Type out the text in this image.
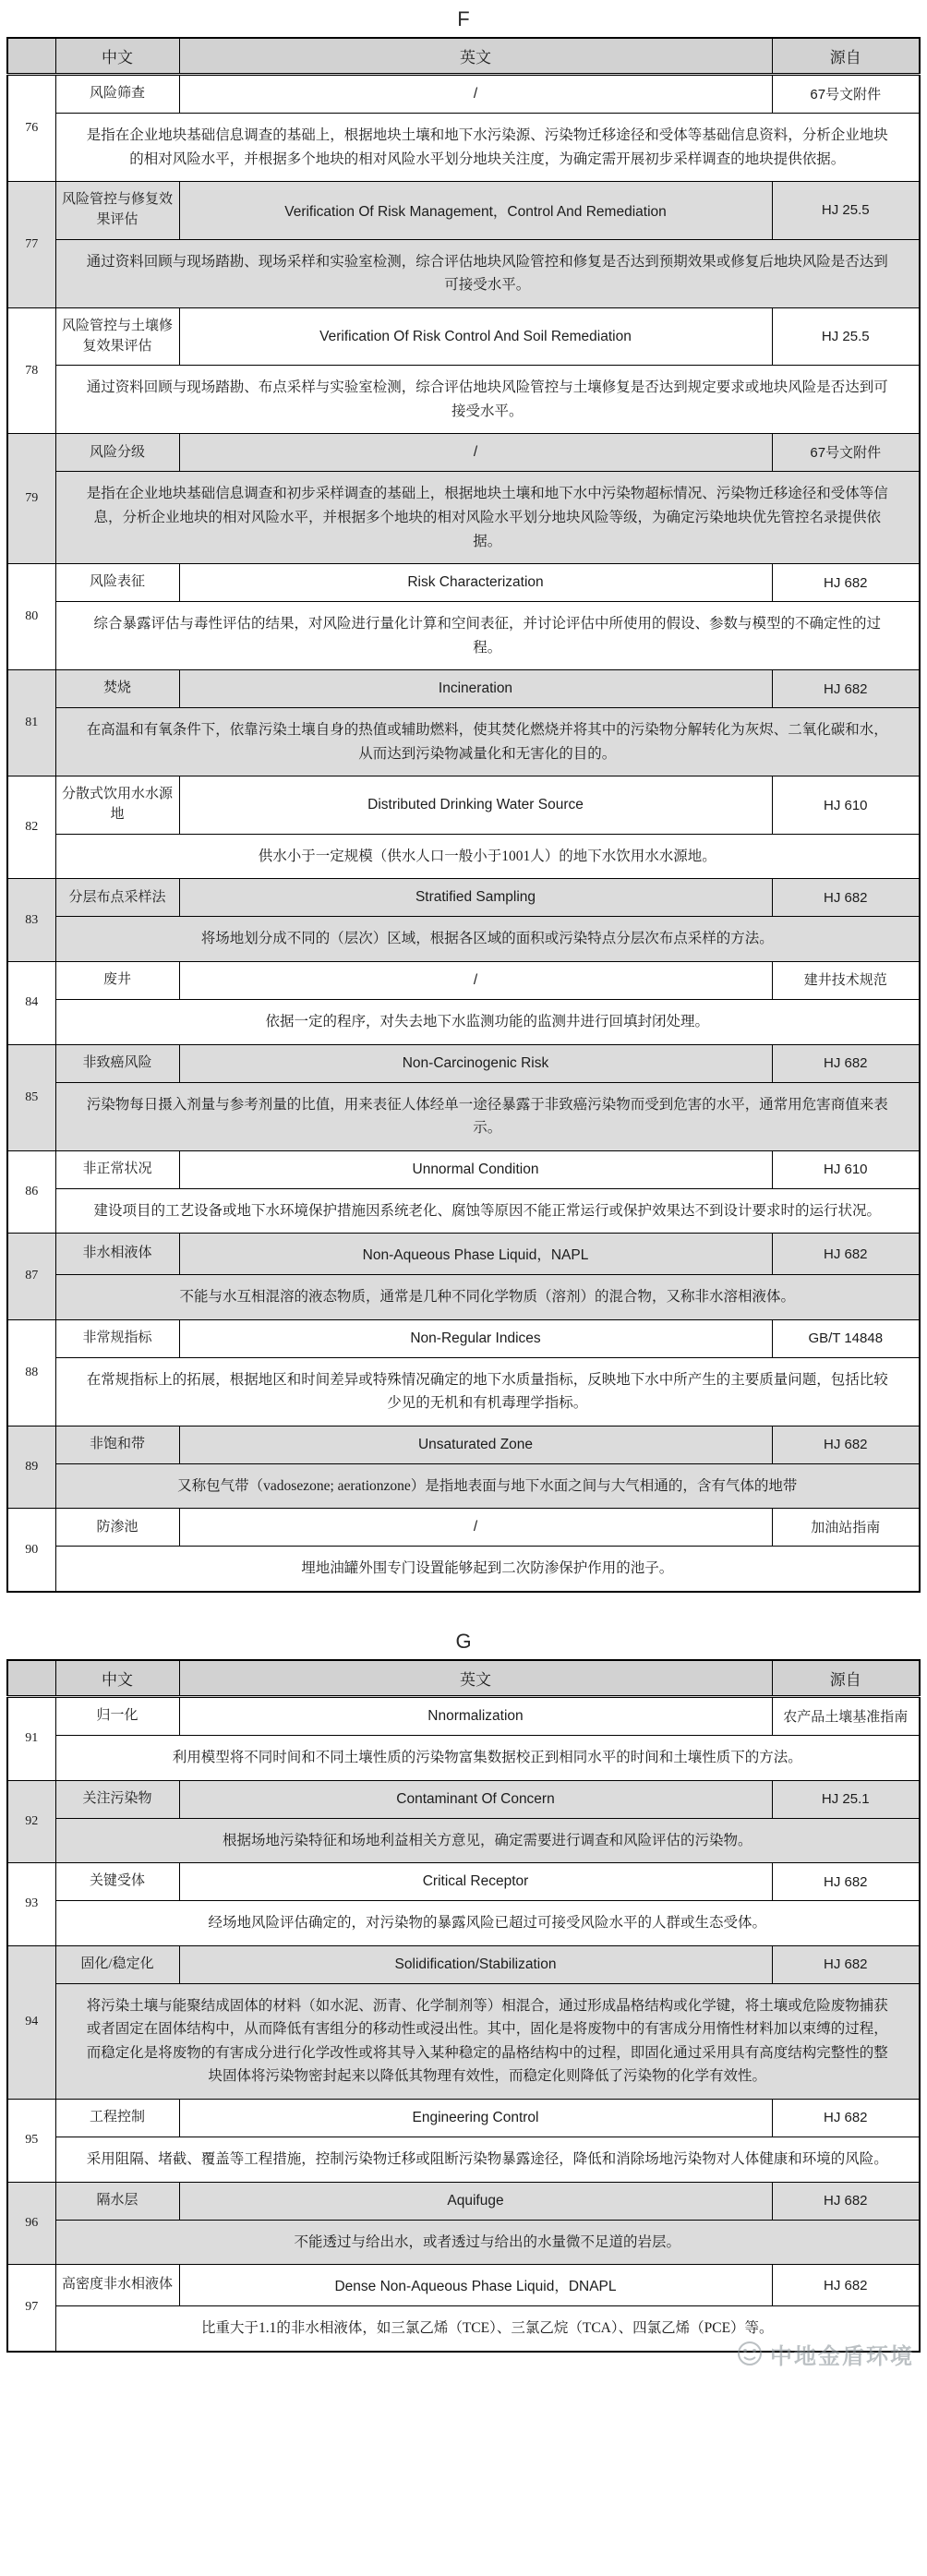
F
	中文	英文	源自
76	风险筛查	/	67号文附件
	是指在企业地块基础信息调查的基础上，根据地块土壤和地下水污染源、污染物迁移途径和受体等基础信息资料，分析企业地块的相对风险水平，并根据多个地块的相对风险水平划分地块关注度，为确定需开展初步采样调查的地块提供依据。		
77	风险管控与修复效果评估	Verification Of Risk Management，Control And Remediation	HJ 25.5
	通过资料回顾与现场踏勘、现场采样和实验室检测，综合评估地块风险管控和修复是否达到预期效果或修复后地块风险是否达到可接受水平。		
78	风险管控与土壤修复效果评估	Verification Of Risk Control And Soil Remediation	HJ 25.5
	通过资料回顾与现场踏勘、布点采样与实验室检测，综合评估地块风险管控与土壤修复是否达到规定要求或地块风险是否达到可接受水平。		
79	风险分级	/	67号文附件
	是指在企业地块基础信息调查和初步采样调查的基础上，根据地块土壤和地下水中污染物超标情况、污染物迁移途径和受体等信息，分析企业地块的相对风险水平，并根据多个地块的相对风险水平划分地块风险等级，为确定污染地块优先管控名录提供依据。		
80	风险表征	Risk Characterization	HJ 682
	综合暴露评估与毒性评估的结果，对风险进行量化计算和空间表征，并讨论评估中所使用的假设、参数与模型的不确定性的过程。		
81	焚烧	Incineration	HJ 682
	在高温和有氧条件下，依靠污染土壤自身的热值或辅助燃料，使其焚化燃烧并将其中的污染物分解转化为灰烬、二氧化碳和水，从而达到污染物减量化和无害化的目的。		
82	分散式饮用水水源地	Distributed Drinking Water Source	HJ 610
	供水小于一定规模（供水人口一般小于1001人）的地下水饮用水水源地。		
83	分层布点采样法	Stratified Sampling	HJ 682
	将场地划分成不同的（层次）区域，根据各区域的面积或污染特点分层次布点采样的方法。		
84	废井	/	建井技术规范
	依据一定的程序，对失去地下水监测功能的监测井进行回填封闭处理。		
85	非致癌风险	Non-Carcinogenic Risk	HJ 682
	污染物每日摄入剂量与参考剂量的比值，用来表征人体经单一途径暴露于非致癌污染物而受到危害的水平，通常用危害商值来表示。		
86	非正常状况	Unnormal Condition	HJ 610
	建设项目的工艺设备或地下水环境保护措施因系统老化、腐蚀等原因不能正常运行或保护效果达不到设计要求时的运行状况。		
87	非水相液体	Non-Aqueous Phase Liquid，NAPL	HJ 682
	不能与水互相混溶的液态物质，通常是几种不同化学物质（溶剂）的混合物，又称非水溶相液体。		
88	非常规指标	Non-Regular Indices	GB/T 14848
	在常规指标上的拓展，根据地区和时间差异或特殊情况确定的地下水质量指标，反映地下水中所产生的主要质量问题，包括比较少见的无机和有机毒理学指标。		
89	非饱和带	Unsaturated Zone	HJ 682
	又称包气带（vadosezone; aerationzone）是指地表面与地下水面之间与大气相通的，含有气体的地带		
90	防渗池	/	加油站指南
	埋地油罐外围专门设置能够起到二次防渗保护作用的池子。		
G
	中文	英文	源自
91	归一化	Nnormalization	农产品土壤基准指南
	利用模型将不同时间和不同土壤性质的污染物富集数据校正到相同水平的时间和土壤性质下的方法。		
92	关注污染物	Contaminant Of Concern	HJ 25.1
	根据场地污染特征和场地利益相关方意见，确定需要进行调查和风险评估的污染物。		
93	关键受体	Critical Receptor	HJ 682
	经场地风险评估确定的，对污染物的暴露风险已超过可接受风险水平的人群或生态受体。		
94	固化/稳定化	Solidification/Stabilization	HJ 682
	将污染土壤与能聚结成固体的材料（如水泥、沥青、化学制剂等）相混合，通过形成晶格结构或化学键，将土壤或危险废物捕获或者固定在固体结构中，从而降低有害组分的移动性或浸出性。其中，固化是将废物中的有害成分用惰性材料加以束缚的过程，而稳定化是将废物的有害成分进行化学改性或将其导入某种稳定的晶格结构中的过程，即固化通过采用具有高度结构完整性的整块固体将污染物密封起来以降低其物理有效性，而稳定化则降低了污染物的化学有效性。		
95	工程控制	Engineering Control	HJ 682
	采用阻隔、堵截、覆盖等工程措施，控制污染物迁移或阻断污染物暴露途径，降低和消除场地污染物对人体健康和环境的风险。		
96	隔水层	Aquifuge	HJ 682
	不能透过与给出水，或者透过与给出的水量微不足道的岩层。		
97	高密度非水相液体	Dense Non-Aqueous Phase Liquid，DNAPL	HJ 682
	比重大于1.1的非水相液体，如三氯乙烯（TCE）、三氯乙烷（TCA）、四氯乙烯（PCE）等。		
中地金盾环境
